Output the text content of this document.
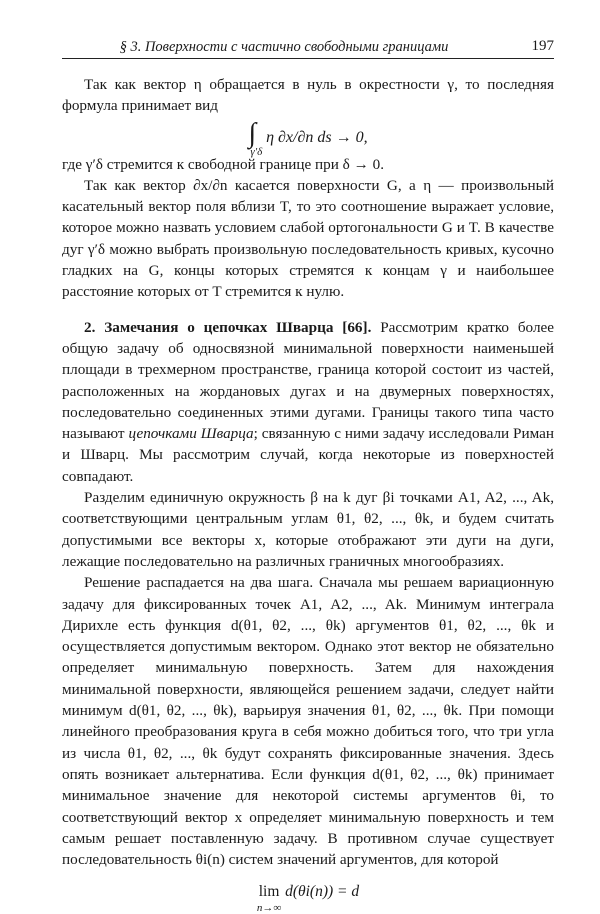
§ 3. Поверхности с частично свободными границами	197

Так как вектор η обращается в нуль в окрестности γ, то последняя формула принимает вид

∫
γ′δ
η ∂x/∂n ds → 0,

где γ′δ стремится к свободной границе при δ → 0.

Так как вектор ∂x/∂n касается поверхности G, а η — произвольный касательный вектор поля вблизи T, то это соотношение выражает условие, которое можно назвать условием слабой ортогональности G и T. В качестве дуг γ′δ можно выбрать произвольную последовательность кривых, кусочно гладких на G, концы которых стремятся к концам γ и наибольшее расстояние которых от T стремится к нулю.

2. Замечания о цепочках Шварца [66]. Рассмотрим кратко более общую задачу об односвязной минимальной поверхности наименьшей площади в трехмерном пространстве, граница которой состоит из частей, расположенных на жордановых дугах и на двумерных поверхностях, последовательно соединенных этими дугами. Границы такого типа часто называют цепочками Шварца; связанную с ними задачу исследовали Риман и Шварц. Мы рассмотрим случай, когда некоторые из поверхностей совпадают.

Разделим единичную окружность β на k дуг βi точками A1, A2, ..., Ak, соответствующими центральным углам θ1, θ2, ..., θk, и будем считать допустимыми все векторы x, которые отображают эти дуги на дуги, лежащие последовательно на различных граничных многообразиях.

Решение распадается на два шага. Сначала мы решаем вариационную задачу для фиксированных точек A1, A2, ..., Ak. Минимум интеграла Дирихле есть функция d(θ1, θ2, ..., θk) аргументов θ1, θ2, ..., θk и осуществляется допустимым вектором. Однако этот вектор не обязательно определяет минимальную поверхность. Затем для нахождения минимальной поверхности, являющейся решением задачи, следует найти минимум d(θ1, θ2, ..., θk), варьируя значения θ1, θ2, ..., θk. При помощи линейного преобразования круга в себя можно добиться того, что три угла из числа θ1, θ2, ..., θk будут сохранять фиксированные значения. Здесь опять возникает альтернатива. Если функция d(θ1, θ2, ..., θk) принимает минимальное значение для некоторой системы аргументов θi, то соответствующий вектор x определяет минимальную поверхность и тем самым решает поставленную задачу. В противном случае существует последовательность θi(n) систем значений аргументов, для которой

lim
n→∞
d(θi(n)) = d
